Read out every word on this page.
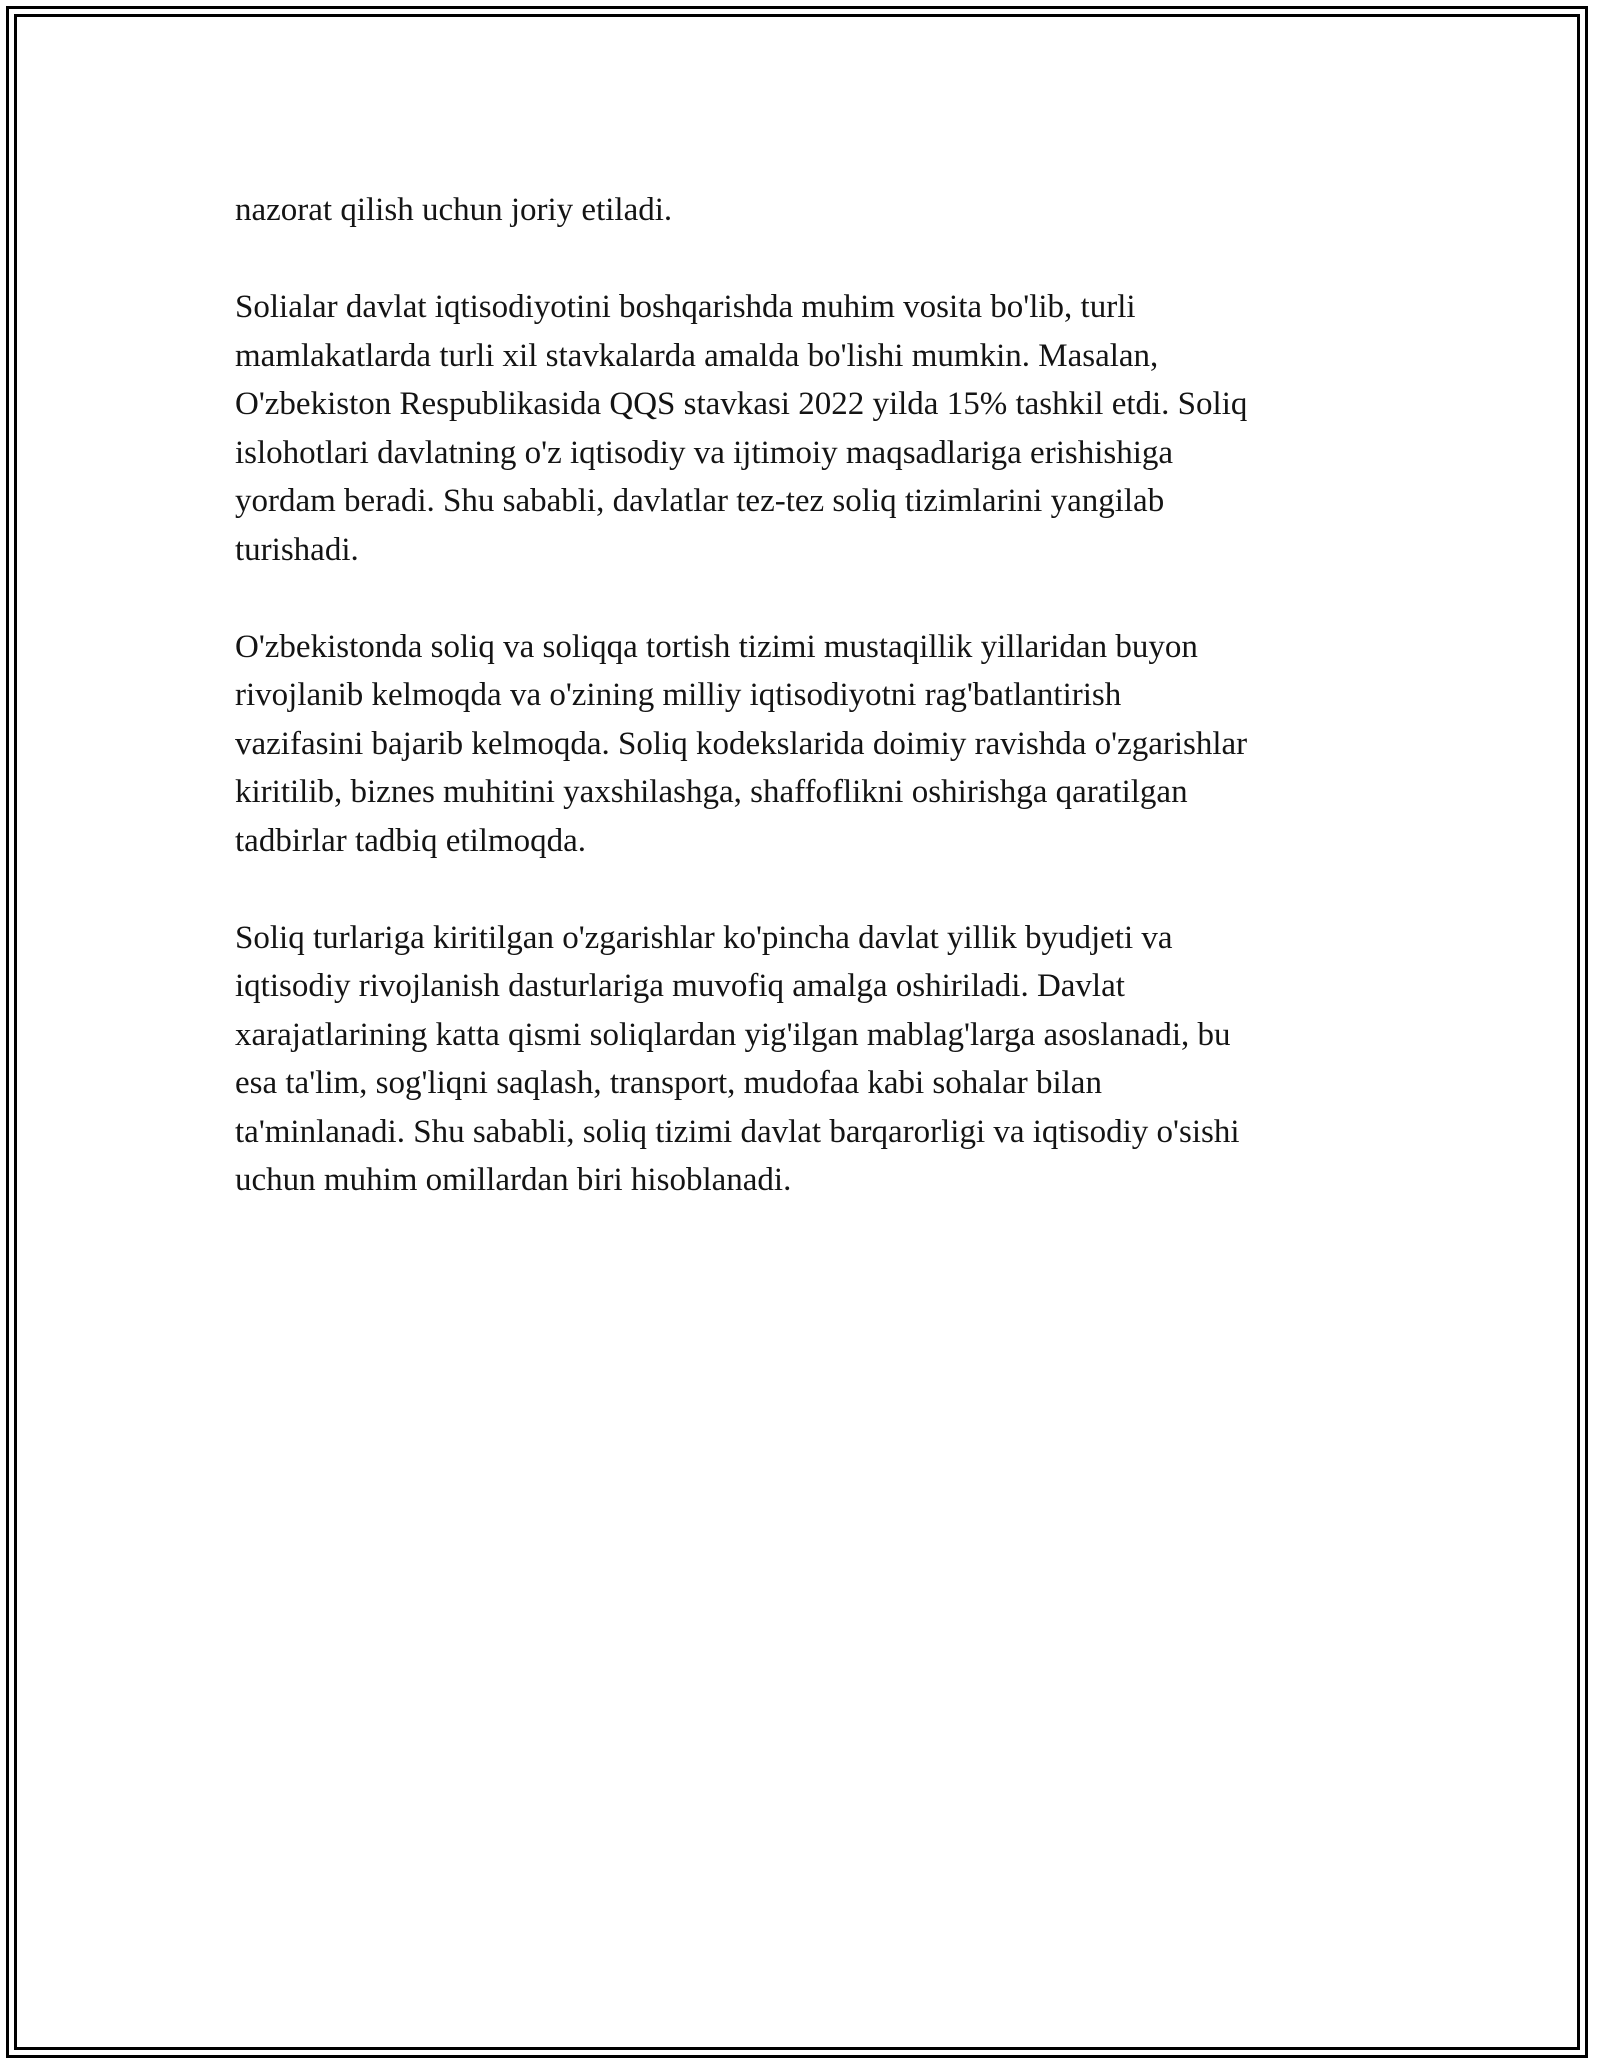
nazorat qilish uchun joriy etiladi.

Solialar davlat iqtisodiyotini boshqarishda muhim vosita bo'lib, turli
mamlakatlarda turli xil stavkalarda amalda bo'lishi mumkin. Masalan,
O'zbekiston Respublikasida QQS stavkasi 2022 yilda 15% tashkil etdi. Soliq
islohotlari davlatning o'z iqtisodiy va ijtimoiy maqsadlariga erishishiga
yordam beradi. Shu sababli, davlatlar tez-tez soliq tizimlarini yangilab
turishadi.

O'zbekistonda soliq va soliqqa tortish tizimi mustaqillik yillaridan buyon
rivojlanib kelmoqda va o'zining milliy iqtisodiyotni rag'batlantirish
vazifasini bajarib kelmoqda. Soliq kodekslarida doimiy ravishda o'zgarishlar
kiritilib, biznes muhitini yaxshilashga, shaffoflikni oshirishga qaratilgan
tadbirlar tadbiq etilmoqda.

Soliq turlariga kiritilgan o'zgarishlar ko'pincha davlat yillik byudjeti va
iqtisodiy rivojlanish dasturlariga muvofiq amalga oshiriladi. Davlat
xarajatlarining katta qismi soliqlardan yig'ilgan mablag'larga asoslanadi, bu
esa ta'lim, sog'liqni saqlash, transport, mudofaa kabi sohalar bilan
ta'minlanadi. Shu sababli, soliq tizimi davlat barqarorligi va iqtisodiy o'sishi
uchun muhim omillardan biri hisoblanadi.
